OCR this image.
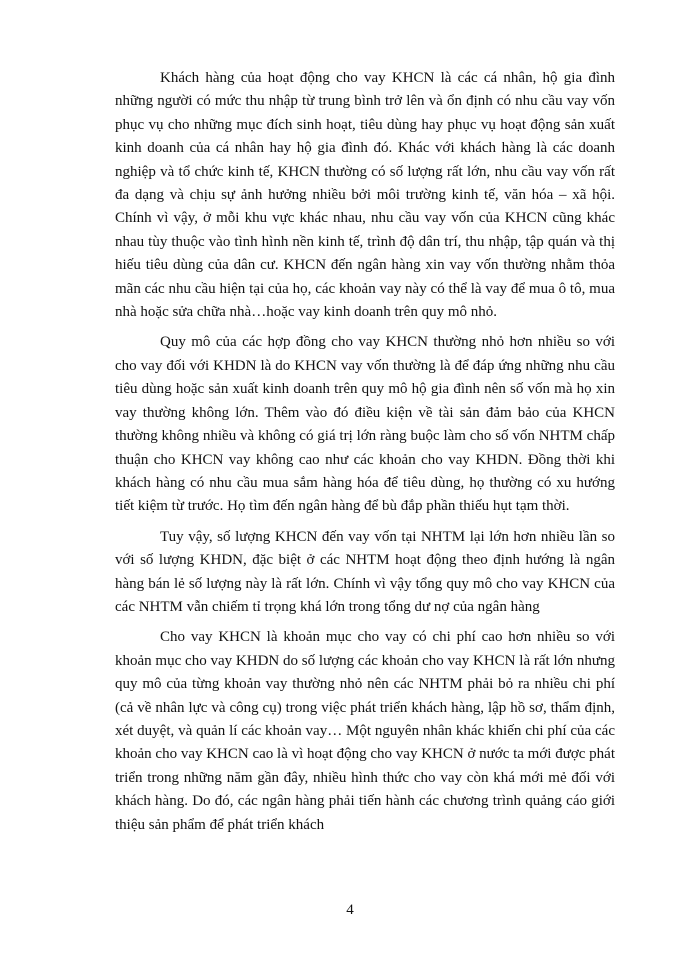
Khách hàng của hoạt động cho vay KHCN là các cá nhân, hộ gia đình những người có mức thu nhập từ trung bình trở lên và ổn định có nhu cầu vay vốn phục vụ cho những mục đích sinh hoạt, tiêu dùng hay phục vụ hoạt động sản xuất kinh doanh của cá nhân hay hộ gia đình đó. Khác với khách hàng là các doanh nghiệp và tổ chức kinh tế, KHCN thường có số lượng rất lớn, nhu cầu vay vốn rất đa dạng và chịu sự ảnh hưởng nhiều bởi môi trường kinh tế, văn hóa – xã hội. Chính vì vậy, ở mỗi khu vực khác nhau, nhu cầu vay vốn của KHCN cũng khác nhau tùy thuộc vào tình hình nền kinh tế, trình độ dân trí, thu nhập, tập quán và thị hiếu tiêu dùng của dân cư. KHCN đến ngân hàng xin vay vốn thường nhằm thỏa mãn các nhu cầu hiện tại của họ, các khoản vay này có thể là vay để mua ô tô, mua nhà hoặc sửa chữa nhà…hoặc vay kinh doanh trên quy mô nhỏ.

Quy mô của các hợp đồng cho vay KHCN thường nhỏ hơn nhiều so với cho vay đối với KHDN là do KHCN vay vốn thường là để đáp ứng những nhu cầu tiêu dùng hoặc sản xuất kinh doanh trên quy mô hộ gia đình nên số vốn mà họ xin vay thường không lớn. Thêm vào đó điều kiện về tài sản đảm bảo của KHCN thường không nhiều và không có giá trị lớn ràng buộc làm cho số vốn NHTM chấp thuận cho KHCN vay không cao như các khoản cho vay KHDN. Đồng thời khi khách hàng có nhu cầu mua sắm hàng hóa để tiêu dùng, họ thường có xu hướng tiết kiệm từ trước. Họ tìm đến ngân hàng để bù đắp phần thiếu hụt tạm thời.

Tuy vậy, số lượng KHCN đến vay vốn tại NHTM lại lớn hơn nhiều lần so với số lượng KHDN, đặc biệt ở các NHTM hoạt động theo định hướng là ngân hàng bán lẻ số lượng này là rất lớn. Chính vì vậy tổng quy mô cho vay KHCN của các NHTM vẫn chiếm tỉ trọng khá lớn trong tổng dư nợ của ngân hàng

Cho vay KHCN là khoản mục cho vay có chi phí cao hơn nhiều so với khoản mục cho vay KHDN do số lượng các khoản cho vay KHCN là rất lớn nhưng quy mô của từng khoản vay thường nhỏ nên các NHTM phải bỏ ra nhiều chi phí (cả về nhân lực và công cụ) trong việc phát triển khách hàng, lập hồ sơ, thẩm định, xét duyệt, và quản lí các khoản vay… Một nguyên nhân khác khiến chi phí của các khoản cho vay KHCN cao là vì hoạt động cho vay KHCN ở nước ta mới được phát triển trong những năm gần đây, nhiều hình thức cho vay còn khá mới mẻ đối với khách hàng. Do đó, các ngân hàng phải tiến hành các chương trình quảng cáo giới thiệu sản phẩm để phát triển khách

4
